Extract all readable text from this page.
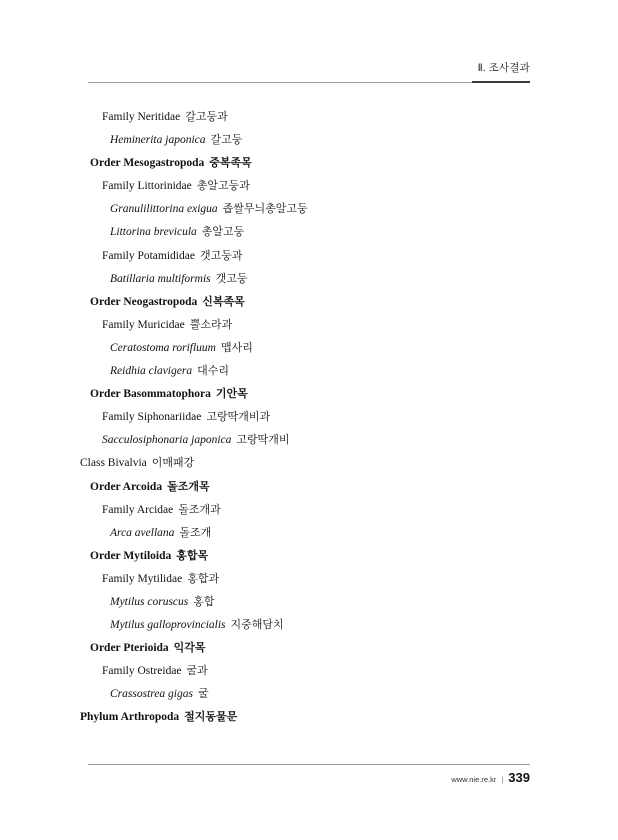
Ⅱ. 조사결과
Family Neritidae 갈고둥과
Heminerita japonica 갈고둥
Order Mesogastropoda 중복족목
Family Littorinidae 총알고둥과
Granulilittorina exigua 좁쌀무늬총알고둥
Littorina brevicula 총알고둥
Family Potamididae 갯고둥과
Batillaria multiformis 갯고둥
Order Neogastropoda 신복족목
Family Muricidae 뿔소라과
Ceratostoma rorifluum 맵사리
Reidhia clavigera 대수리
Order Basommatophora 기안목
Family Siphonariidae 고랑딱개비과
Sacculosiphonaria japonica 고랑딱개비
Class Bivalvia 이매패강
Order Arcoida 돌조개목
Family Arcidae 돌조개과
Arca avellana 돌조개
Order Mytiloida 홍합목
Family Mytilidae 홍합과
Mytilus coruscus 홍합
Mytilus galloprovincialis 지중해담치
Order Pterioida 익각목
Family Ostreidae 굴과
Crassostrea gigas 굴
Phylum Arthropoda 절지동물문
www.nie.re.kr | 339
